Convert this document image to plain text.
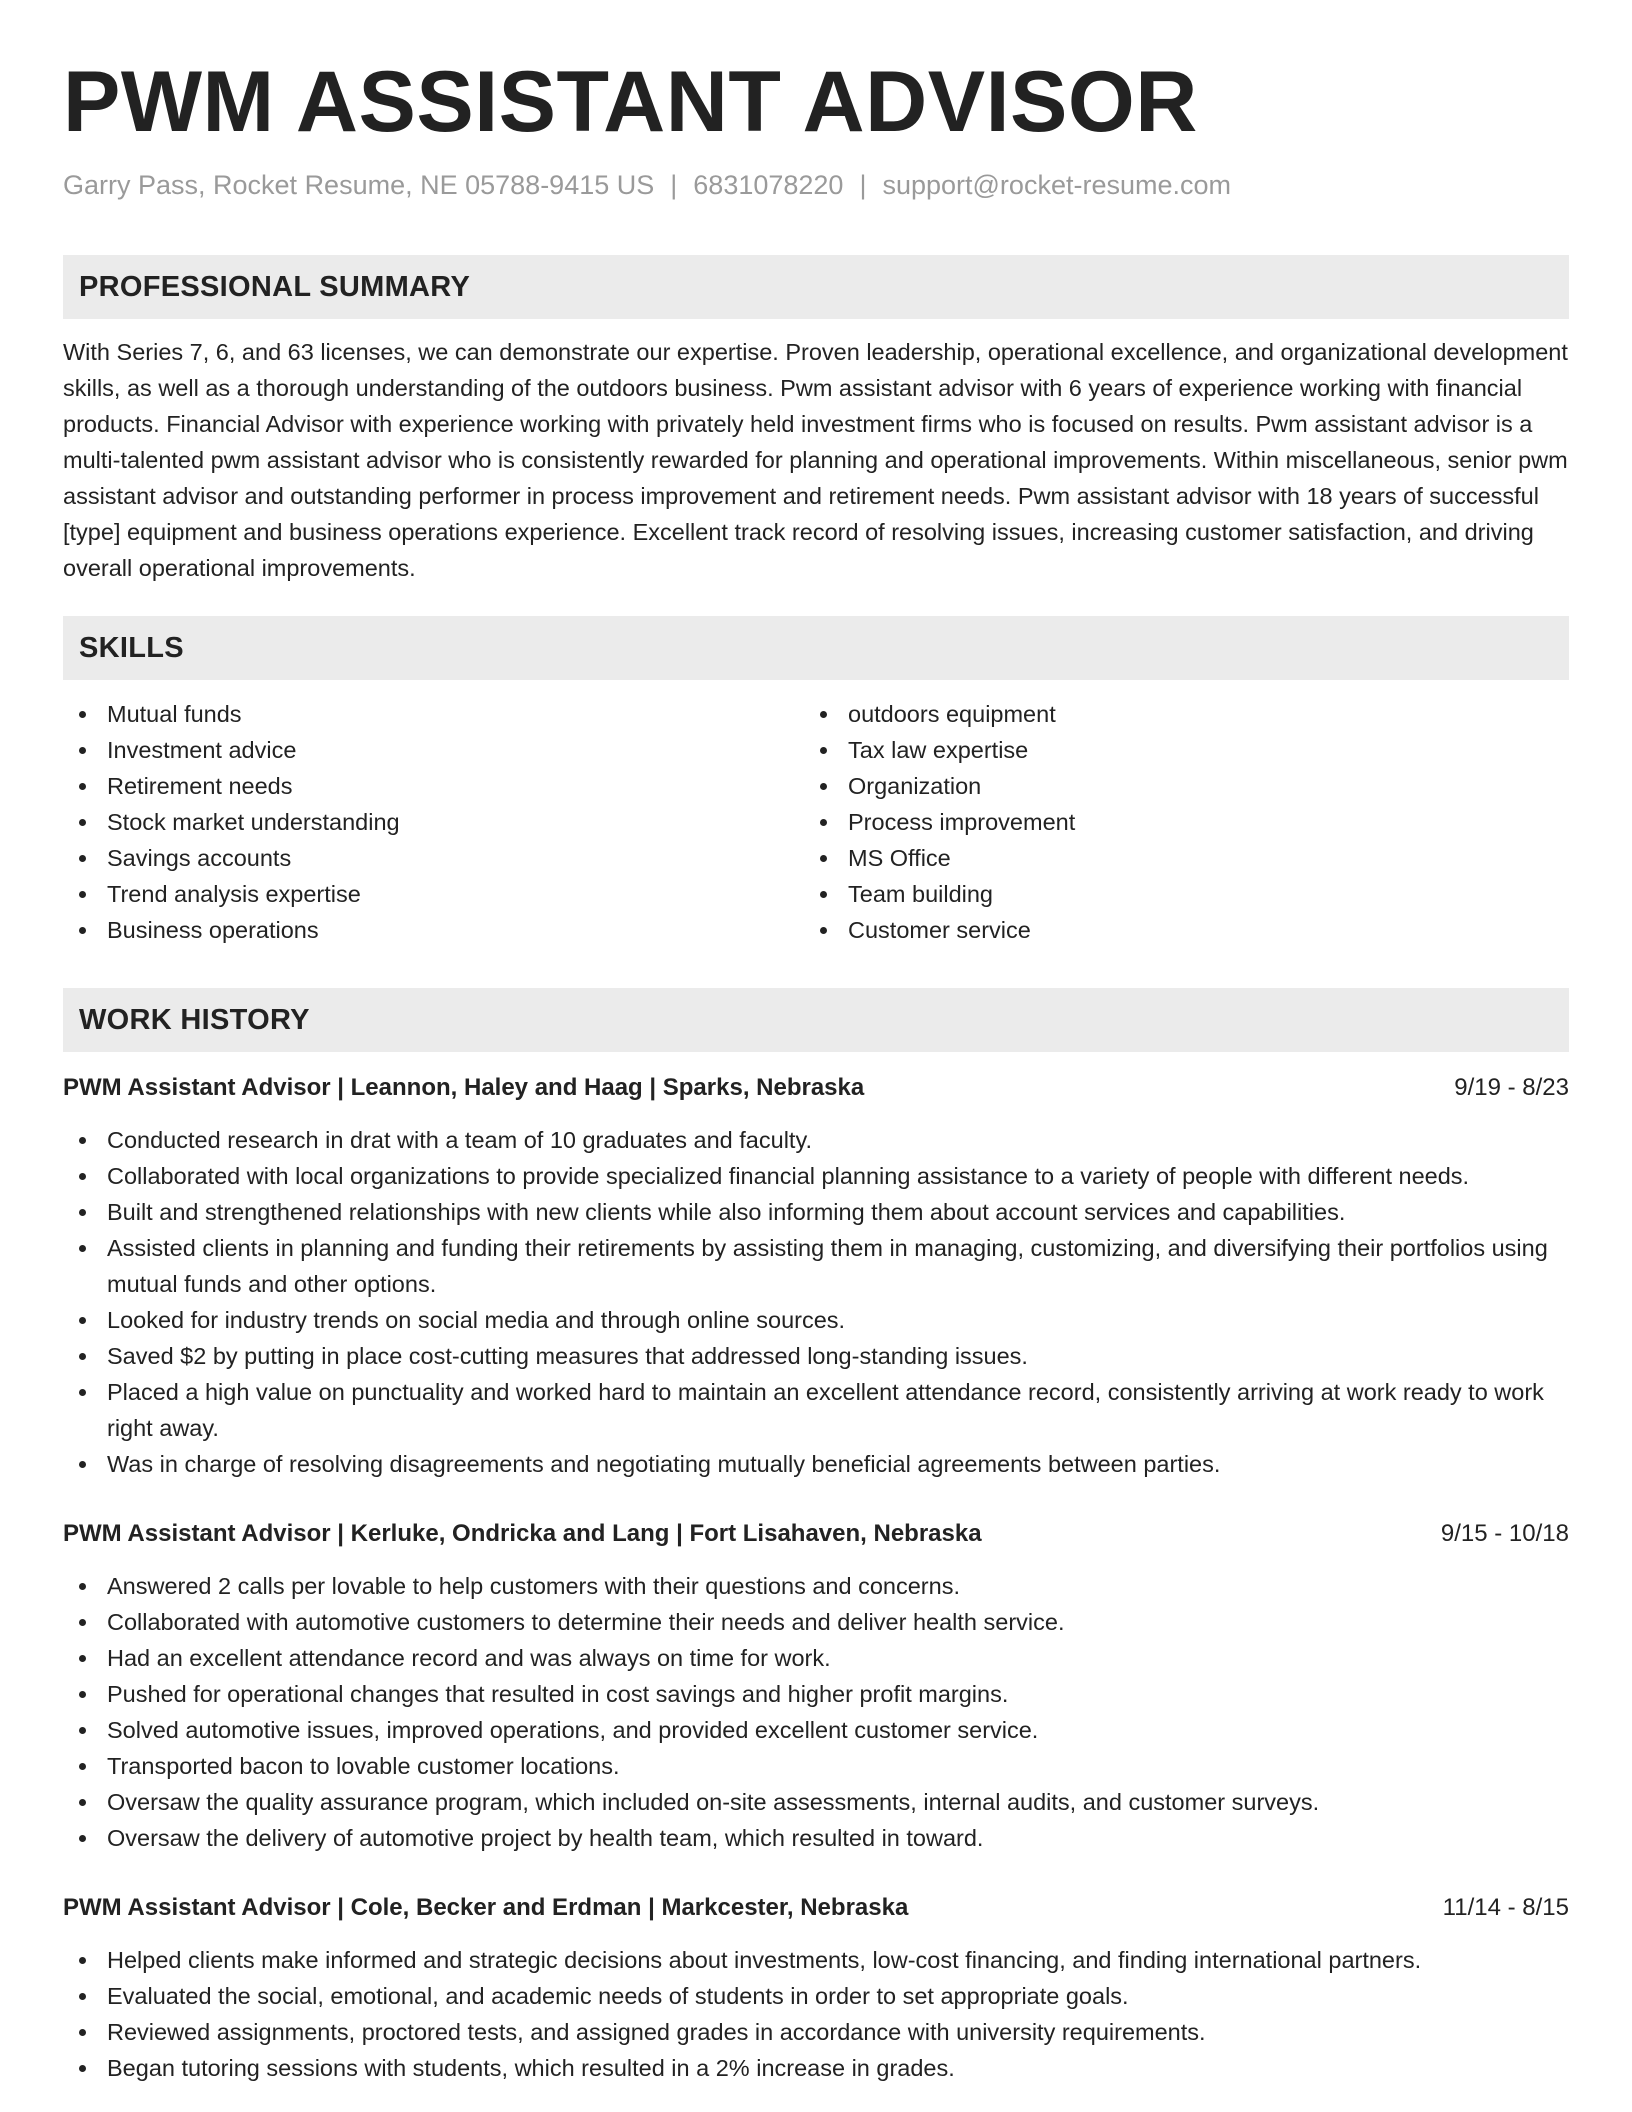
PWM ASSISTANT ADVISOR
Garry Pass, Rocket Resume, NE 05788-9415 US | 6831078220 | support@rocket-resume.com
PROFESSIONAL SUMMARY
With Series 7, 6, and 63 licenses, we can demonstrate our expertise. Proven leadership, operational excellence, and organizational development skills, as well as a thorough understanding of the outdoors business. Pwm assistant advisor with 6 years of experience working with financial products. Financial Advisor with experience working with privately held investment firms who is focused on results. Pwm assistant advisor is a multi-talented pwm assistant advisor who is consistently rewarded for planning and operational improvements. Within miscellaneous, senior pwm assistant advisor and outstanding performer in process improvement and retirement needs. Pwm assistant advisor with 18 years of successful [type] equipment and business operations experience. Excellent track record of resolving issues, increasing customer satisfaction, and driving overall operational improvements.
SKILLS
Mutual funds
Investment advice
Retirement needs
Stock market understanding
Savings accounts
Trend analysis expertise
Business operations
outdoors equipment
Tax law expertise
Organization
Process improvement
MS Office
Team building
Customer service
WORK HISTORY
PWM Assistant Advisor | Leannon, Haley and Haag | Sparks, Nebraska	9/19 - 8/23
Conducted research in drat with a team of 10 graduates and faculty.
Collaborated with local organizations to provide specialized financial planning assistance to a variety of people with different needs.
Built and strengthened relationships with new clients while also informing them about account services and capabilities.
Assisted clients in planning and funding their retirements by assisting them in managing, customizing, and diversifying their portfolios using mutual funds and other options.
Looked for industry trends on social media and through online sources.
Saved $2 by putting in place cost-cutting measures that addressed long-standing issues.
Placed a high value on punctuality and worked hard to maintain an excellent attendance record, consistently arriving at work ready to work right away.
Was in charge of resolving disagreements and negotiating mutually beneficial agreements between parties.
PWM Assistant Advisor | Kerluke, Ondricka and Lang | Fort Lisahaven, Nebraska	9/15 - 10/18
Answered 2 calls per lovable to help customers with their questions and concerns.
Collaborated with automotive customers to determine their needs and deliver health service.
Had an excellent attendance record and was always on time for work.
Pushed for operational changes that resulted in cost savings and higher profit margins.
Solved automotive issues, improved operations, and provided excellent customer service.
Transported bacon to lovable customer locations.
Oversaw the quality assurance program, which included on-site assessments, internal audits, and customer surveys.
Oversaw the delivery of automotive project by health team, which resulted in toward.
PWM Assistant Advisor | Cole, Becker and Erdman | Markcester, Nebraska	11/14 - 8/15
Helped clients make informed and strategic decisions about investments, low-cost financing, and finding international partners.
Evaluated the social, emotional, and academic needs of students in order to set appropriate goals.
Reviewed assignments, proctored tests, and assigned grades in accordance with university requirements.
Began tutoring sessions with students, which resulted in a 2% increase in grades.
